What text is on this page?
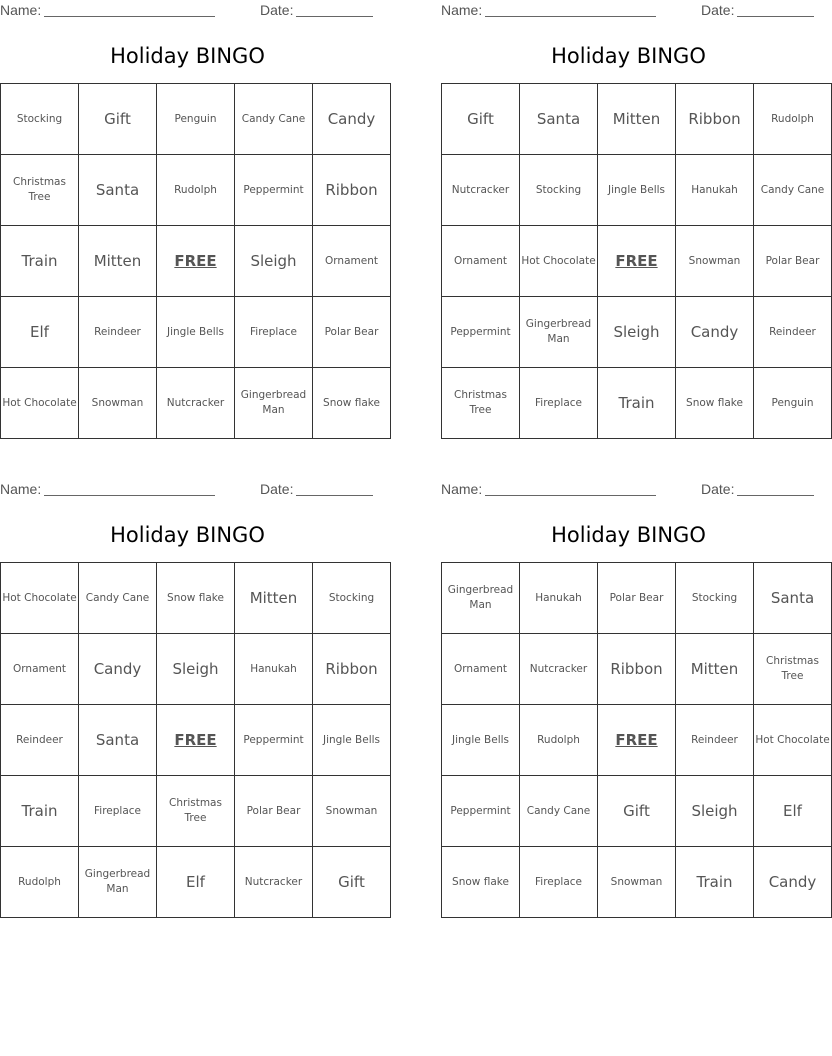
Name:	Date:
Holiday BINGO
Stocking	Gift	Penguin	Candy Cane	Candy
Christmas Tree	Santa	Rudolph	Peppermint	Ribbon
Train	Mitten	FREE	Sleigh	Ornament
Elf	Reindeer	Jingle Bells	Fireplace	Polar Bear
Hot Chocolate	Snowman	Nutcracker	Gingerbread Man	Snow flake
Name:	Date:
Holiday BINGO
Gift	Santa	Mitten	Ribbon	Rudolph
Nutcracker	Stocking	Jingle Bells	Hanukah	Candy Cane
Ornament	Hot Chocolate	FREE	Snowman	Polar Bear
Peppermint	Gingerbread Man	Sleigh	Candy	Reindeer
Christmas Tree	Fireplace	Train	Snow flake	Penguin
Name:	Date:
Holiday BINGO
Hot Chocolate	Candy Cane	Snow flake	Mitten	Stocking
Ornament	Candy	Sleigh	Hanukah	Ribbon
Reindeer	Santa	FREE	Peppermint	Jingle Bells
Train	Fireplace	Christmas Tree	Polar Bear	Snowman
Rudolph	Gingerbread Man	Elf	Nutcracker	Gift
Name:	Date:
Holiday BINGO
Gingerbread Man	Hanukah	Polar Bear	Stocking	Santa
Ornament	Nutcracker	Ribbon	Mitten	Christmas Tree
Jingle Bells	Rudolph	FREE	Reindeer	Hot Chocolate
Peppermint	Candy Cane	Gift	Sleigh	Elf
Snow flake	Fireplace	Snowman	Train	Candy
